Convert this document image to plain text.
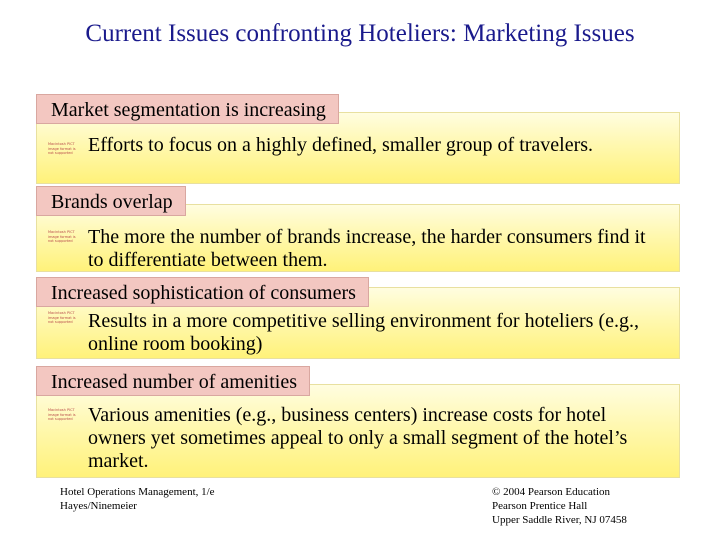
Current Issues confronting Hoteliers: Marketing Issues
Market segmentation is increasing
Macintosh PICT image format is not supported Efforts to focus on a highly defined, smaller group of travelers.
Brands overlap
Macintosh PICT image format is not supported The more the number of brands increase, the harder consumers find it to differentiate between them.
Increased sophistication of consumers
Macintosh PICT image format is not supported Results in a more competitive selling environment for hoteliers (e.g., online room booking)
Increased number of amenities
Macintosh PICT image format is not supported Various amenities (e.g., business centers) increase costs for hotel owners yet sometimes appeal to only a small segment of the hotel’s market.
Hotel Operations Management, 1/e
Hayes/Ninemeier
© 2004 Pearson Education
Pearson Prentice Hall
Upper Saddle River, NJ 07458
